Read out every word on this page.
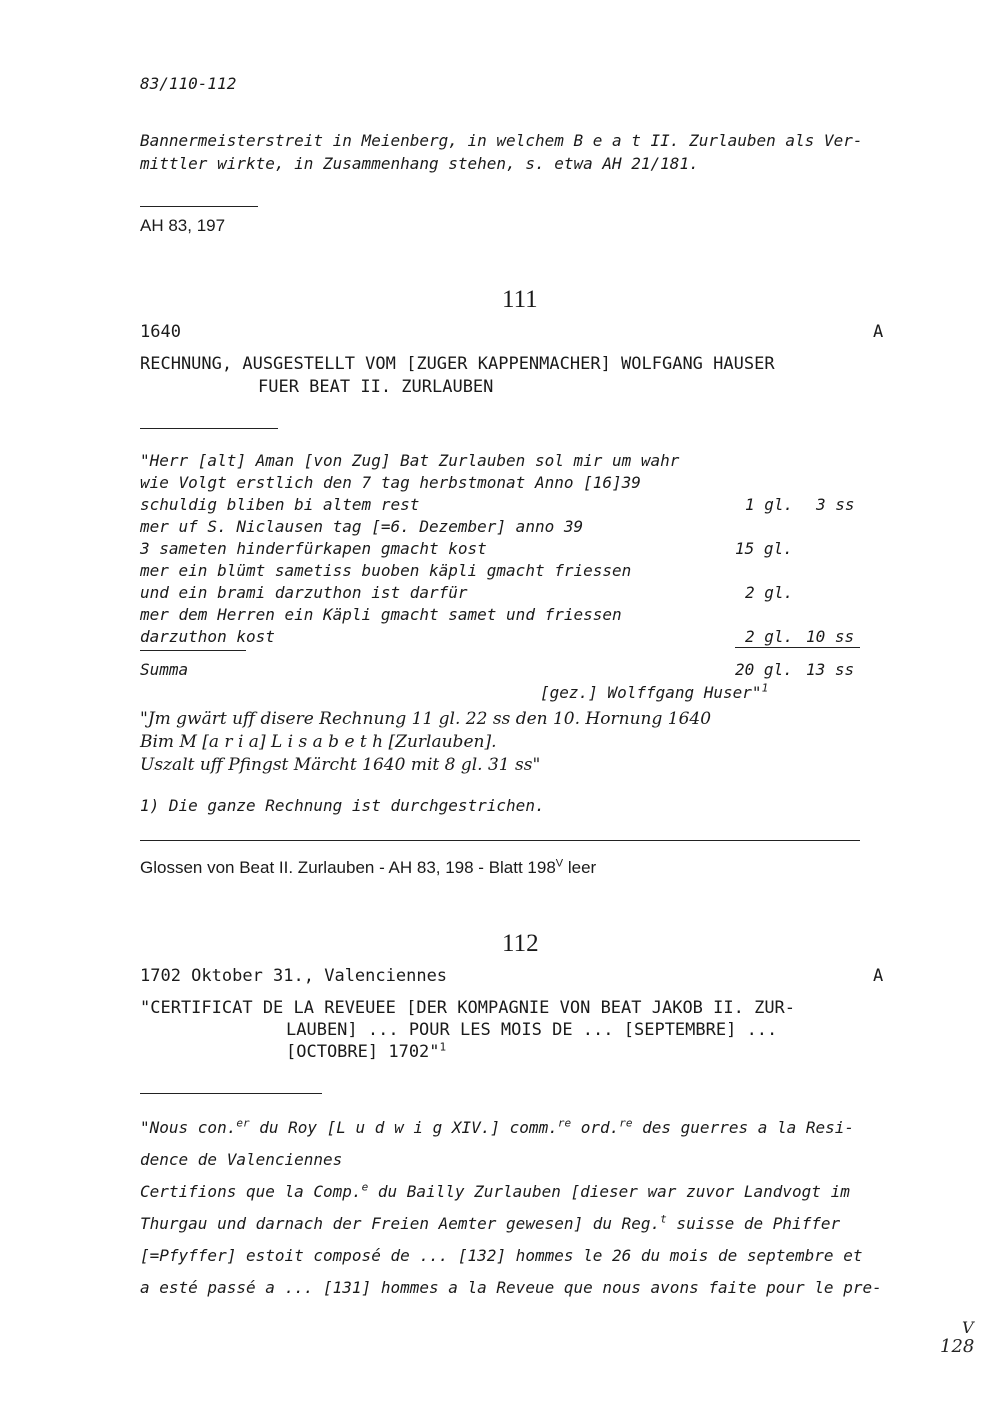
83/110-112
Bannermeisterstreit in Meienberg, in welchem B e a t II. Zurlauben als Ver-
mittler wirkte, in Zusammenhang stehen, s. etwa AH 21/181.
AH 83, 197
111
1640	A
RECHNUNG, AUSGESTELLT VOM [ZUGER KAPPENMACHER] WOLFGANG HAUSER
FUER BEAT II. ZURLAUBEN
"Herr [alt] Aman [von Zug] Bat Zurlauben sol mir um wahr
wie Volgt erstlich den 7 tag herbstmonat Anno [16]39
schuldig bliben bi altem rest	1 gl. 3 ss
mer uf S. Niclausen tag [=6. Dezember] anno 39
3 sameten hinderfürkapen gmacht kost	15 gl.
mer ein blümt sametiss buoben käpli gmacht friessen
und ein brami darzuthon ist darfür	2 gl.
mer dem Herren ein Käpli gmacht samet und friessen
darzuthon kost	2 gl. 10 ss
Summa	20 gl. 13 ss
[gez.] Wolffgang Huser"$^1$
"Jm gwärt uff disere Rechnung 11 gl. 22 ss den 10. Hornung 1640
Bim M [a r i a] L i s a b e t h [Zurlauben].
Uszalt uff Pfingst Märcht 1640 mit 8 gl. 31 ss"
1) Die ganze Rechnung ist durchgestrichen.
Glossen von Beat II. Zurlauben - AH 83, 198 - Blatt $198^V$ leer
112
1702 Oktober 31., Valenciennes	A
"CERTIFICAT DE LA REVEUEE [DER KOMPAGNIE VON BEAT JAKOB II. ZUR-
LAUBEN] ... POUR LES MOIS DE ... [SEPTEMBRE] ...
[OCTOBRE] 1702"$^1$
"Nous con.$^{er}$ du Roy [L u d w i g XIV.] comm.$^{re}$ ord.$^{re}$ des guerres a la Resi-
dence de Valenciennes
Certifions que la Comp.$^e$ du Bailly Zurlauben [dieser war zuvor Landvogt im
Thurgau und darnach der Freien Aemter gewesen] du Reg.$^t$ suisse de Phiffer
[=Pfyffer] estoit composé de ... [132] hommes le 26 du mois de septembre et
a esté passé a ... [131] hommes a la Reveue que nous avons faite pour le pre-
V
128
